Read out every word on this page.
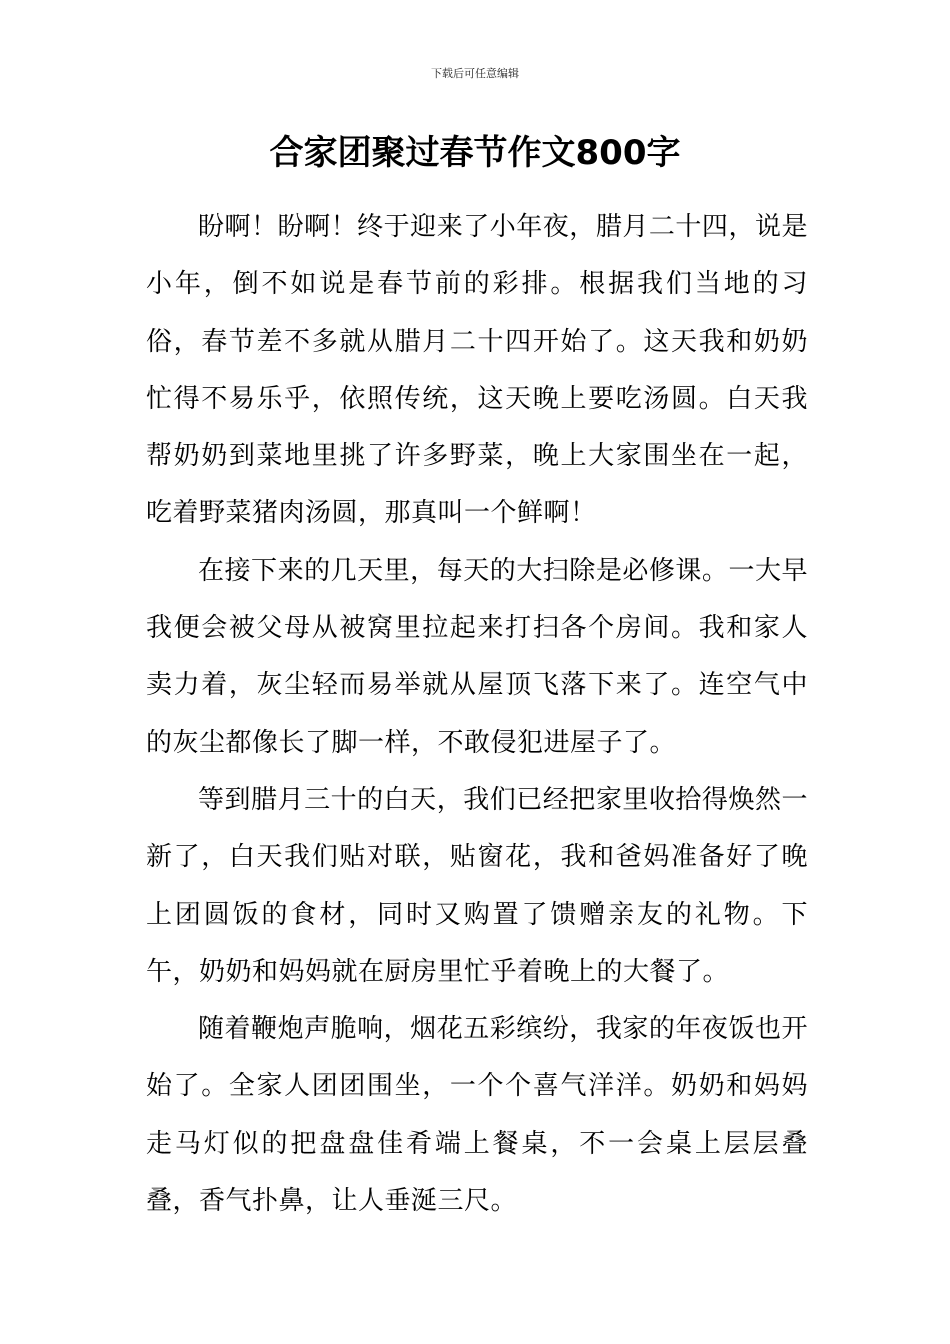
下载后可任意编辑
合家团聚过春节作文800字

盼啊！盼啊！终于迎来了小年夜，腊月二十四，说是小年，倒不如说是春节前的彩排。根据我们当地的习俗，春节差不多就从腊月二十四开始了。这天我和奶奶忙得不易乐乎，依照传统，这天晚上要吃汤圆。白天我帮奶奶到菜地里挑了许多野菜，晚上大家围坐在一起，吃着野菜猪肉汤圆，那真叫一个鲜啊！

在接下来的几天里，每天的大扫除是必修课。一大早我便会被父母从被窝里拉起来打扫各个房间。我和家人卖力着，灰尘轻而易举就从屋顶飞落下来了。连空气中的灰尘都像长了脚一样，不敢侵犯进屋子了。

等到腊月三十的白天，我们已经把家里收拾得焕然一新了，白天我们贴对联，贴窗花，我和爸妈准备好了晚上团圆饭的食材，同时又购置了馈赠亲友的礼物。下午，奶奶和妈妈就在厨房里忙乎着晚上的大餐了。

随着鞭炮声脆响，烟花五彩缤纷，我家的年夜饭也开始了。全家人团团围坐，一个个喜气洋洋。奶奶和妈妈走马灯似的把盘盘佳肴端上餐桌，不一会桌上层层叠叠，香气扑鼻，让人垂涎三尺。
